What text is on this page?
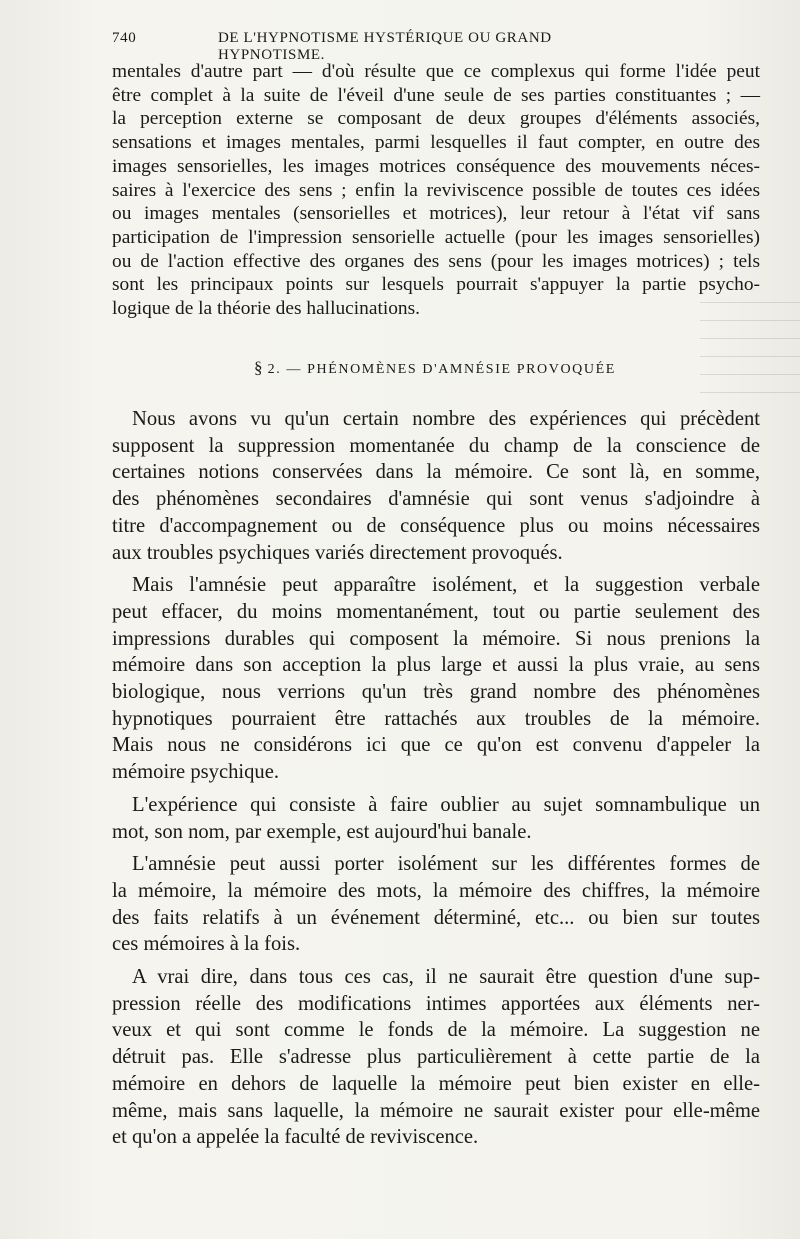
740	DE L'HYPNOTISME HYSTÉRIQUE OU GRAND HYPNOTISME.
mentales d'autre part — d'où résulte que ce complexus qui forme l'idée peut
être complet à la suite de l'éveil d'une seule de ses parties constituantes ; —
la perception externe se composant de deux groupes d'éléments associés,
sensations et images mentales, parmi lesquelles il faut compter, en outre des
images sensorielles, les images motrices conséquence des mouvements néces-
saires à l'exercice des sens ; enfin la reviviscence possible de toutes ces idées
ou images mentales (sensorielles et motrices), leur retour à l'état vif sans
participation de l'impression sensorielle actuelle (pour les images sensorielles)
ou de l'action effective des organes des sens (pour les images motrices) ; tels
sont les principaux points sur lesquels pourrait s'appuyer la partie psycho-
logique de la théorie des hallucinations.
§ 2. — PHÉNOMÈNES D'AMNÉSIE PROVOQUÉE
Nous avons vu qu'un certain nombre des expériences qui précèdent
supposent la suppression momentanée du champ de la conscience de
certaines notions conservées dans la mémoire. Ce sont là, en somme,
des phénomènes secondaires d'amnésie qui sont venus s'adjoindre à
titre d'accompagnement ou de conséquence plus ou moins nécessaires
aux troubles psychiques variés directement provoqués.
Mais l'amnésie peut apparaître isolément, et la suggestion verbale
peut effacer, du moins momentanément, tout ou partie seulement des
impressions durables qui composent la mémoire. Si nous prenions la
mémoire dans son acception la plus large et aussi la plus vraie, au sens
biologique, nous verrions qu'un très grand nombre des phénomènes
hypnotiques pourraient être rattachés aux troubles de la mémoire.
Mais nous ne considérons ici que ce qu'on est convenu d'appeler la
mémoire psychique.
L'expérience qui consiste à faire oublier au sujet somnambulique un
mot, son nom, par exemple, est aujourd'hui banale.
L'amnésie peut aussi porter isolément sur les différentes formes de
la mémoire, la mémoire des mots, la mémoire des chiffres, la mémoire
des faits relatifs à un événement déterminé, etc... ou bien sur toutes
ces mémoires à la fois.
A vrai dire, dans tous ces cas, il ne saurait être question d'une sup-
pression réelle des modifications intimes apportées aux éléments ner-
veux et qui sont comme le fonds de la mémoire. La suggestion ne
détruit pas. Elle s'adresse plus particulièrement à cette partie de la
mémoire en dehors de laquelle la mémoire peut bien exister en elle-
même, mais sans laquelle, la mémoire ne saurait exister pour elle-même
et qu'on a appelée la faculté de reviviscence.
